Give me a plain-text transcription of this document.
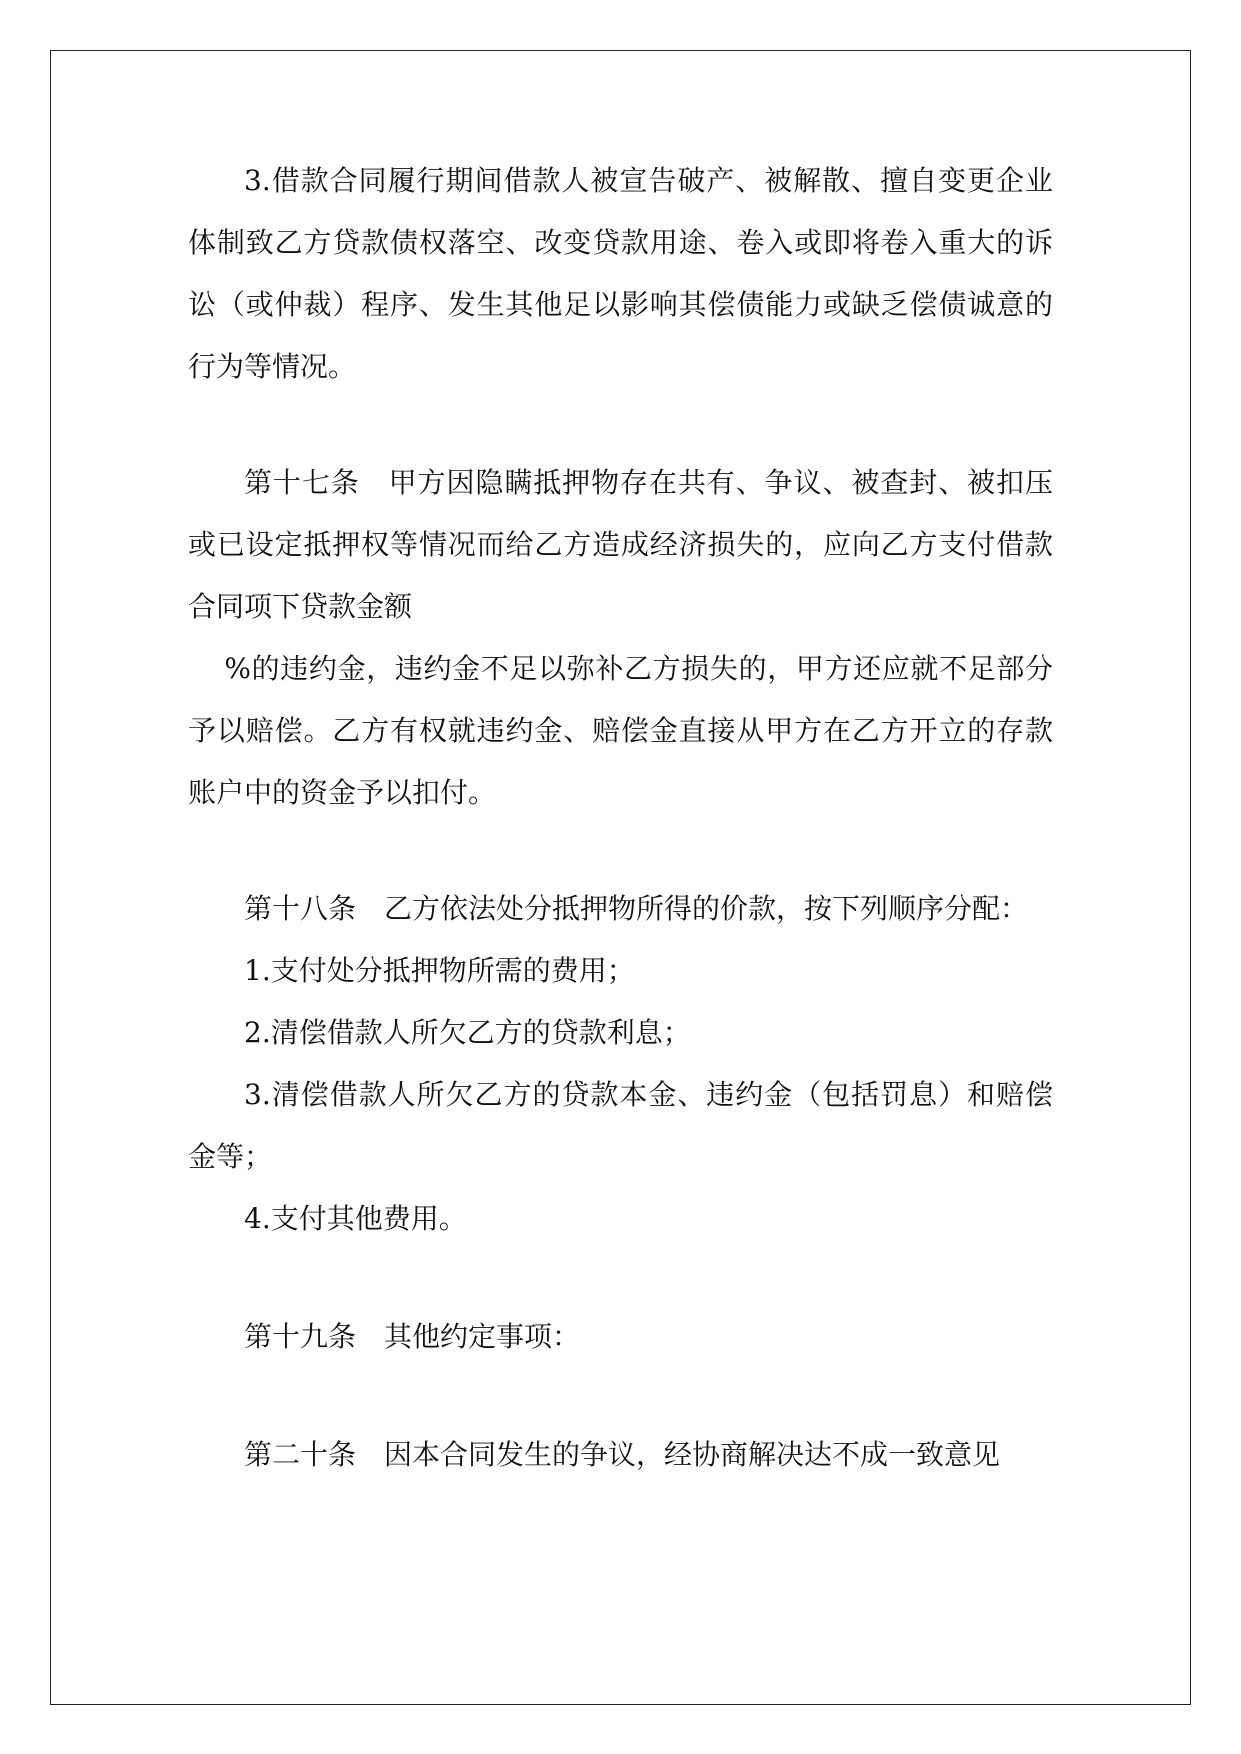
3.借款合同履行期间借款人被宣告破产、被解散、擅自变更企业体制致乙方贷款债权落空、改变贷款用途、卷入或即将卷入重大的诉讼（或仲裁）程序、发生其他足以影响其偿债能力或缺乏偿债诚意的行为等情况。

第十七条　甲方因隐瞒抵押物存在共有、争议、被查封、被扣压或已设定抵押权等情况而给乙方造成经济损失的，应向乙方支付借款合同项下贷款金额

%的违约金，违约金不足以弥补乙方损失的，甲方还应就不足部分予以赔偿。乙方有权就违约金、赔偿金直接从甲方在乙方开立的存款账户中的资金予以扣付。

第十八条　乙方依法处分抵押物所得的价款，按下列顺序分配：

1.支付处分抵押物所需的费用；

2.清偿借款人所欠乙方的贷款利息；

3.清偿借款人所欠乙方的贷款本金、违约金（包括罚息）和赔偿金等；

4.支付其他费用。

第十九条　其他约定事项：

第二十条　因本合同发生的争议，经协商解决达不成一致意见
